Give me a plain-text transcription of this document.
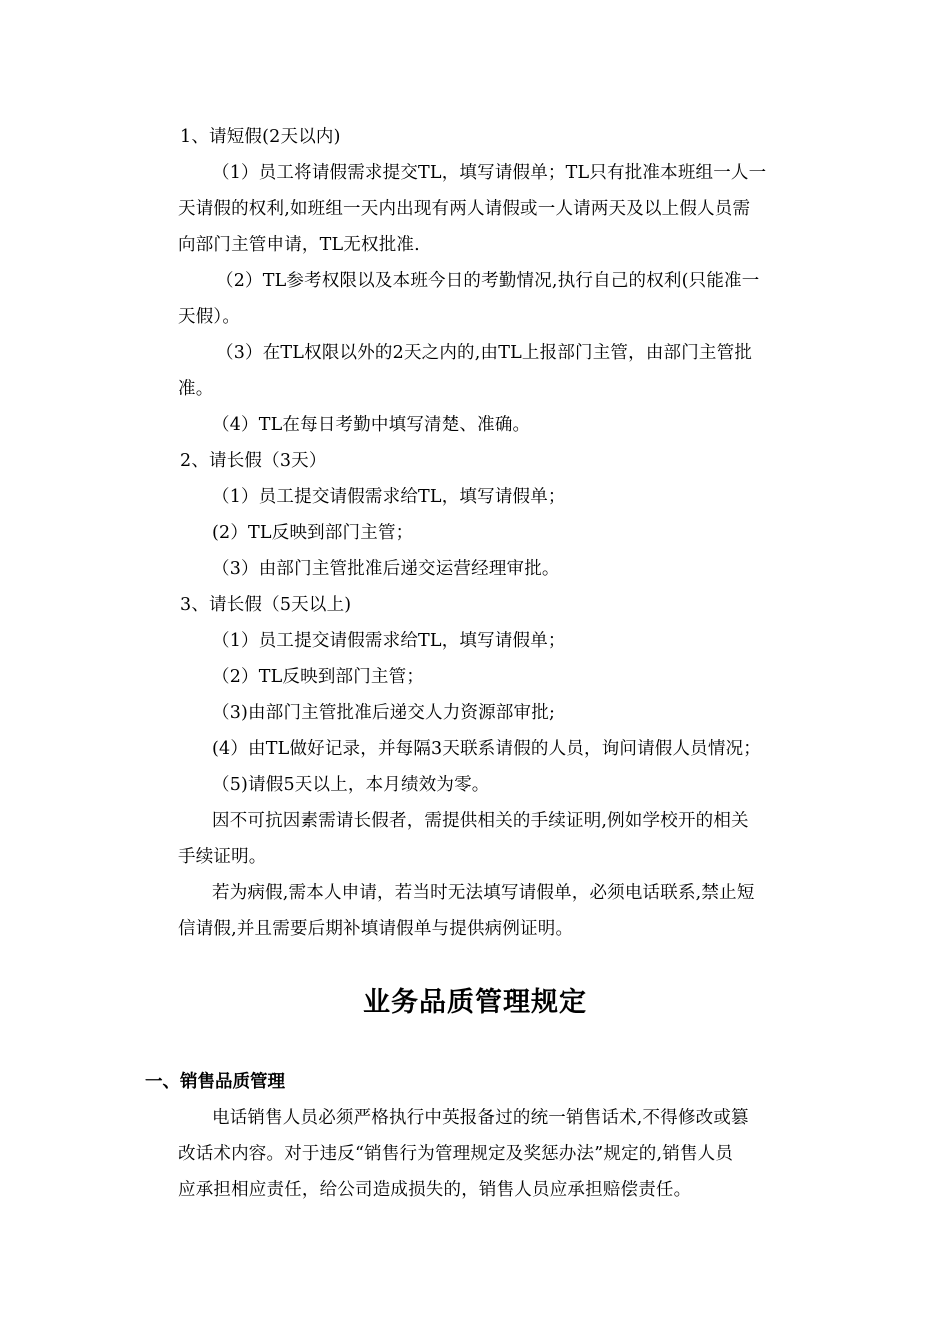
1、请短假(2天以内)
（1）员工将请假需求提交TL，填写请假单；TL只有批准本班组一人一
天请假的权利,如班组一天内出现有两人请假或一人请两天及以上假人员需
向部门主管申请，TL无权批准.
（2）TL参考权限以及本班今日的考勤情况,执行自己的权利(只能准一
天假）。
（3）在TL权限以外的2天之内的,由TL上报部门主管，由部门主管批
准。
（4）TL在每日考勤中填写清楚、准确。
2、请长假（3天）
（1）员工提交请假需求给TL，填写请假单；
(2）TL反映到部门主管；
（3）由部门主管批准后递交运营经理审批。
3、请长假（5天以上)
（1）员工提交请假需求给TL，填写请假单；
（2）TL反映到部门主管；
（3)由部门主管批准后递交人力资源部审批;
(4）由TL做好记录，并每隔3天联系请假的人员，询问请假人员情况；
（5)请假5天以上，本月绩效为零。
因不可抗因素需请长假者，需提供相关的手续证明,例如学校开的相关
手续证明。
若为病假,需本人申请，若当时无法填写请假单，必须电话联系,禁止短
信请假,并且需要后期补填请假单与提供病例证明。
业务品质管理规定
一、销售品质管理
电话销售人员必须严格执行中英报备过的统一销售话术,不得修改或篡
改话术内容。对于违反“销售行为管理规定及奖惩办法”规定的,销售人员
应承担相应责任，给公司造成损失的，销售人员应承担赔偿责任。
